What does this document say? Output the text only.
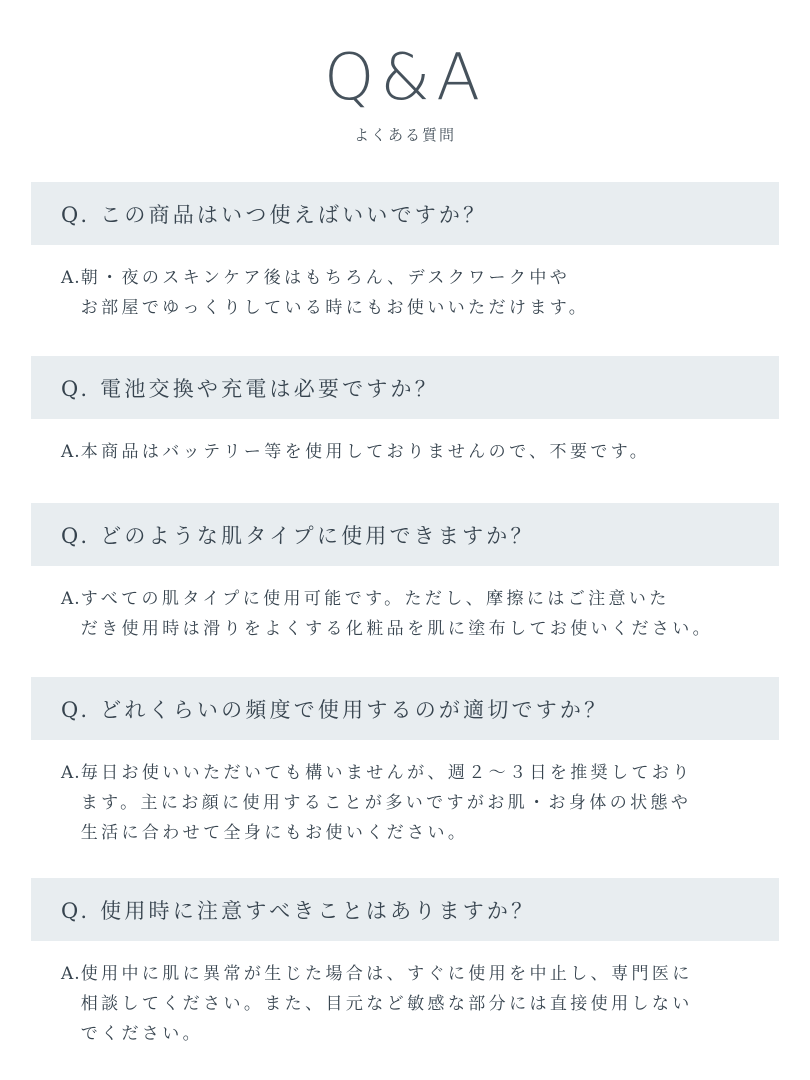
Q&A
よくある質問
Q. この商品はいつ使えばいいですか？
A. 朝・夜のスキンケア後はもちろん、デスクワーク中や
お部屋でゆっくりしている時にもお使いいただけます。
Q. 電池交換や充電は必要ですか？
A. 本商品はバッテリー等を使用しておりませんので、不要です。
Q. どのような肌タイプに使用できますか？
A. すべての肌タイプに使用可能です。ただし、摩擦にはご注意いた
だき使用時は滑りをよくする化粧品を肌に塗布してお使いください。
Q. どれくらいの頻度で使用するのが適切ですか？
A. 毎日お使いいただいても構いませんが、週２～３日を推奨しており
ます。主にお顔に使用することが多いですがお肌・お身体の状態や
生活に合わせて全身にもお使いください。
Q. 使用時に注意すべきことはありますか？
A. 使用中に肌に異常が生じた場合は、すぐに使用を中止し、専門医に
相談してください。また、目元など敏感な部分には直接使用しない
でください。
